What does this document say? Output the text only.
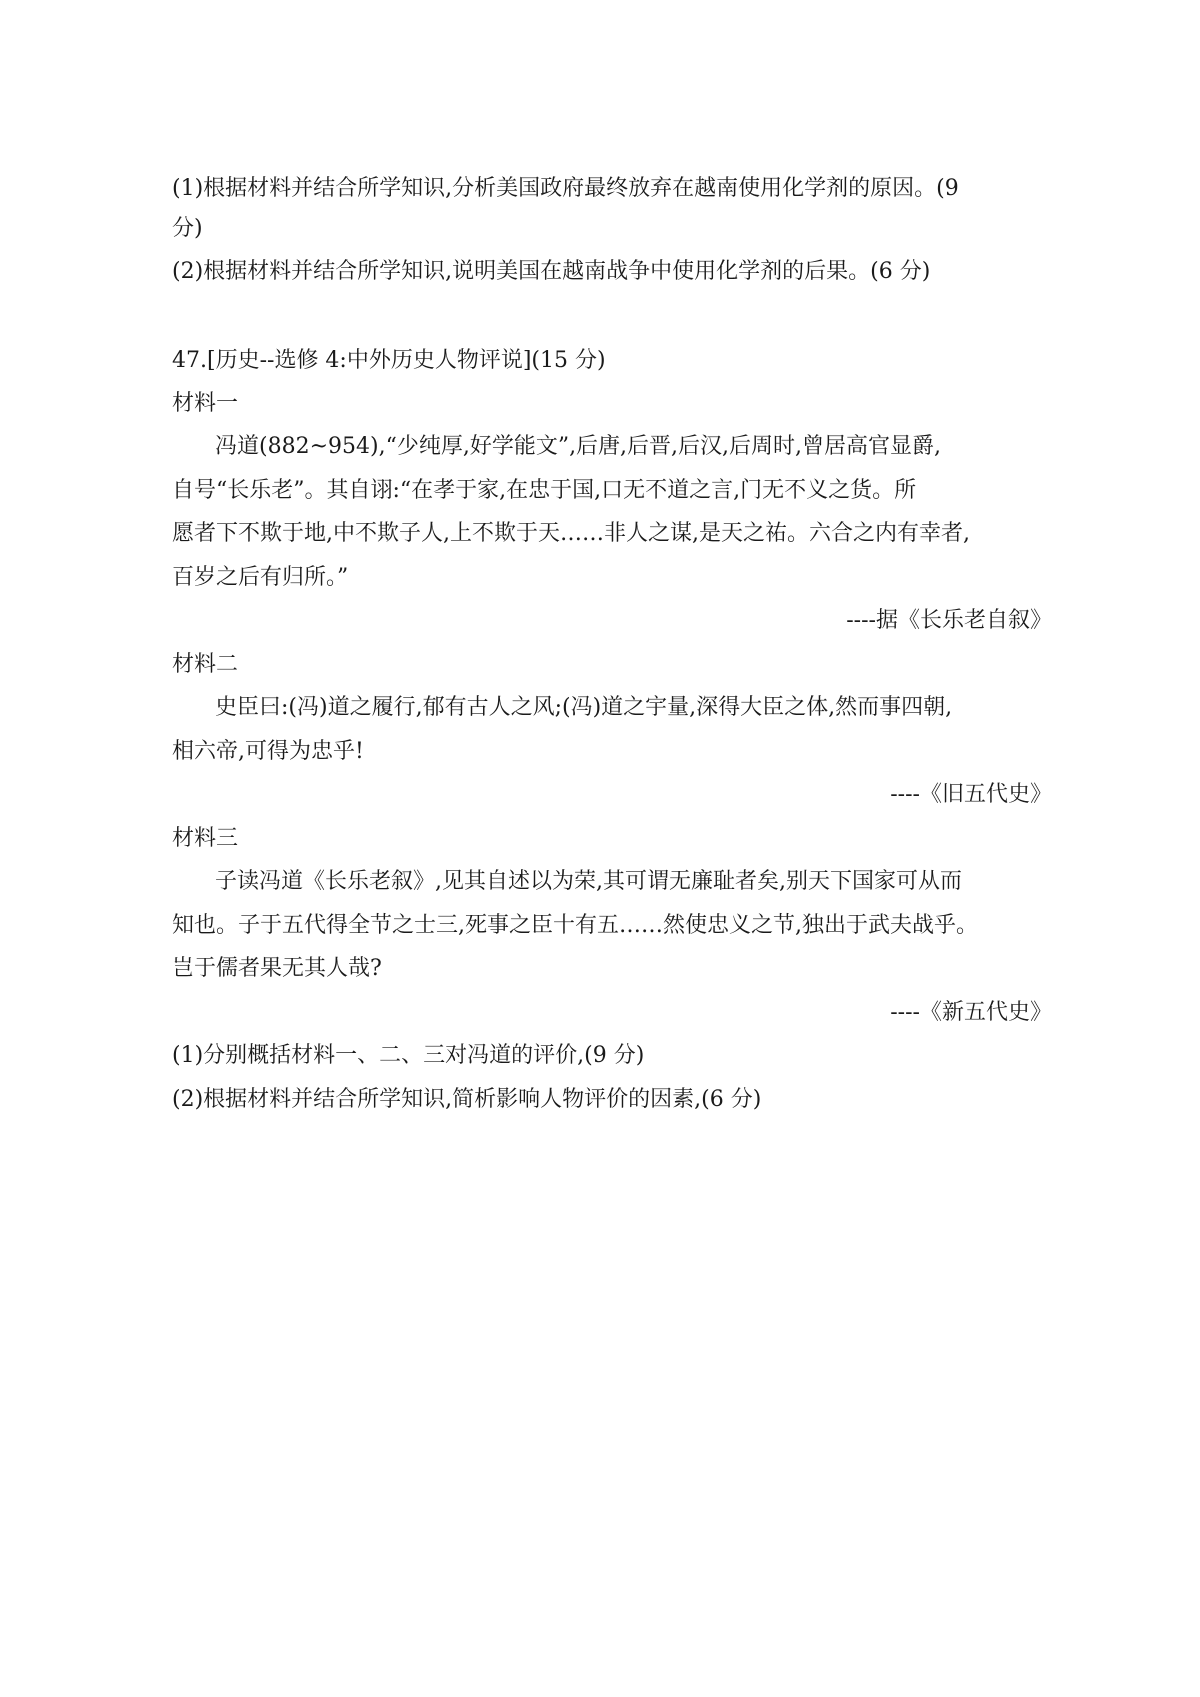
(1)根据材料并结合所学知识,分析美国政府最终放弃在越南使用化学剂的原因。(9
分)
(2)根据材料并结合所学知识,说明美国在越南战争中使用化学剂的后果。(6 分)
47.[历史--选修 4:中外历史人物评说](15 分)
材料一
冯道(882~954),“少纯厚,好学能文”,后唐,后晋,后汉,后周时,曾居高官显爵,
自号“长乐老”。其自诩:“在孝于家,在忠于国,口无不道之言,门无不义之货。所
愿者下不欺于地,中不欺子人,上不欺于天……非人之谋,是天之祐。六合之内有幸者,
百岁之后有归所。”
----据《长乐老自叙》
材料二
史臣曰:(冯)道之履行,郁有古人之风;(冯)道之宇量,深得大臣之体,然而事四朝,
相六帝,可得为忠乎!
----《旧五代史》
材料三
子读冯道《长乐老叙》,见其自述以为荣,其可谓无廉耻者矣,别天下国家可从而
知也。子于五代得全节之士三,死事之臣十有五……然使忠义之节,独出于武夫战乎。
岂于儒者果无其人哉?
----《新五代史》
(1)分别概括材料一、二、三对冯道的评价,(9 分)
(2)根据材料并结合所学知识,简析影响人物评价的因素,(6 分)
